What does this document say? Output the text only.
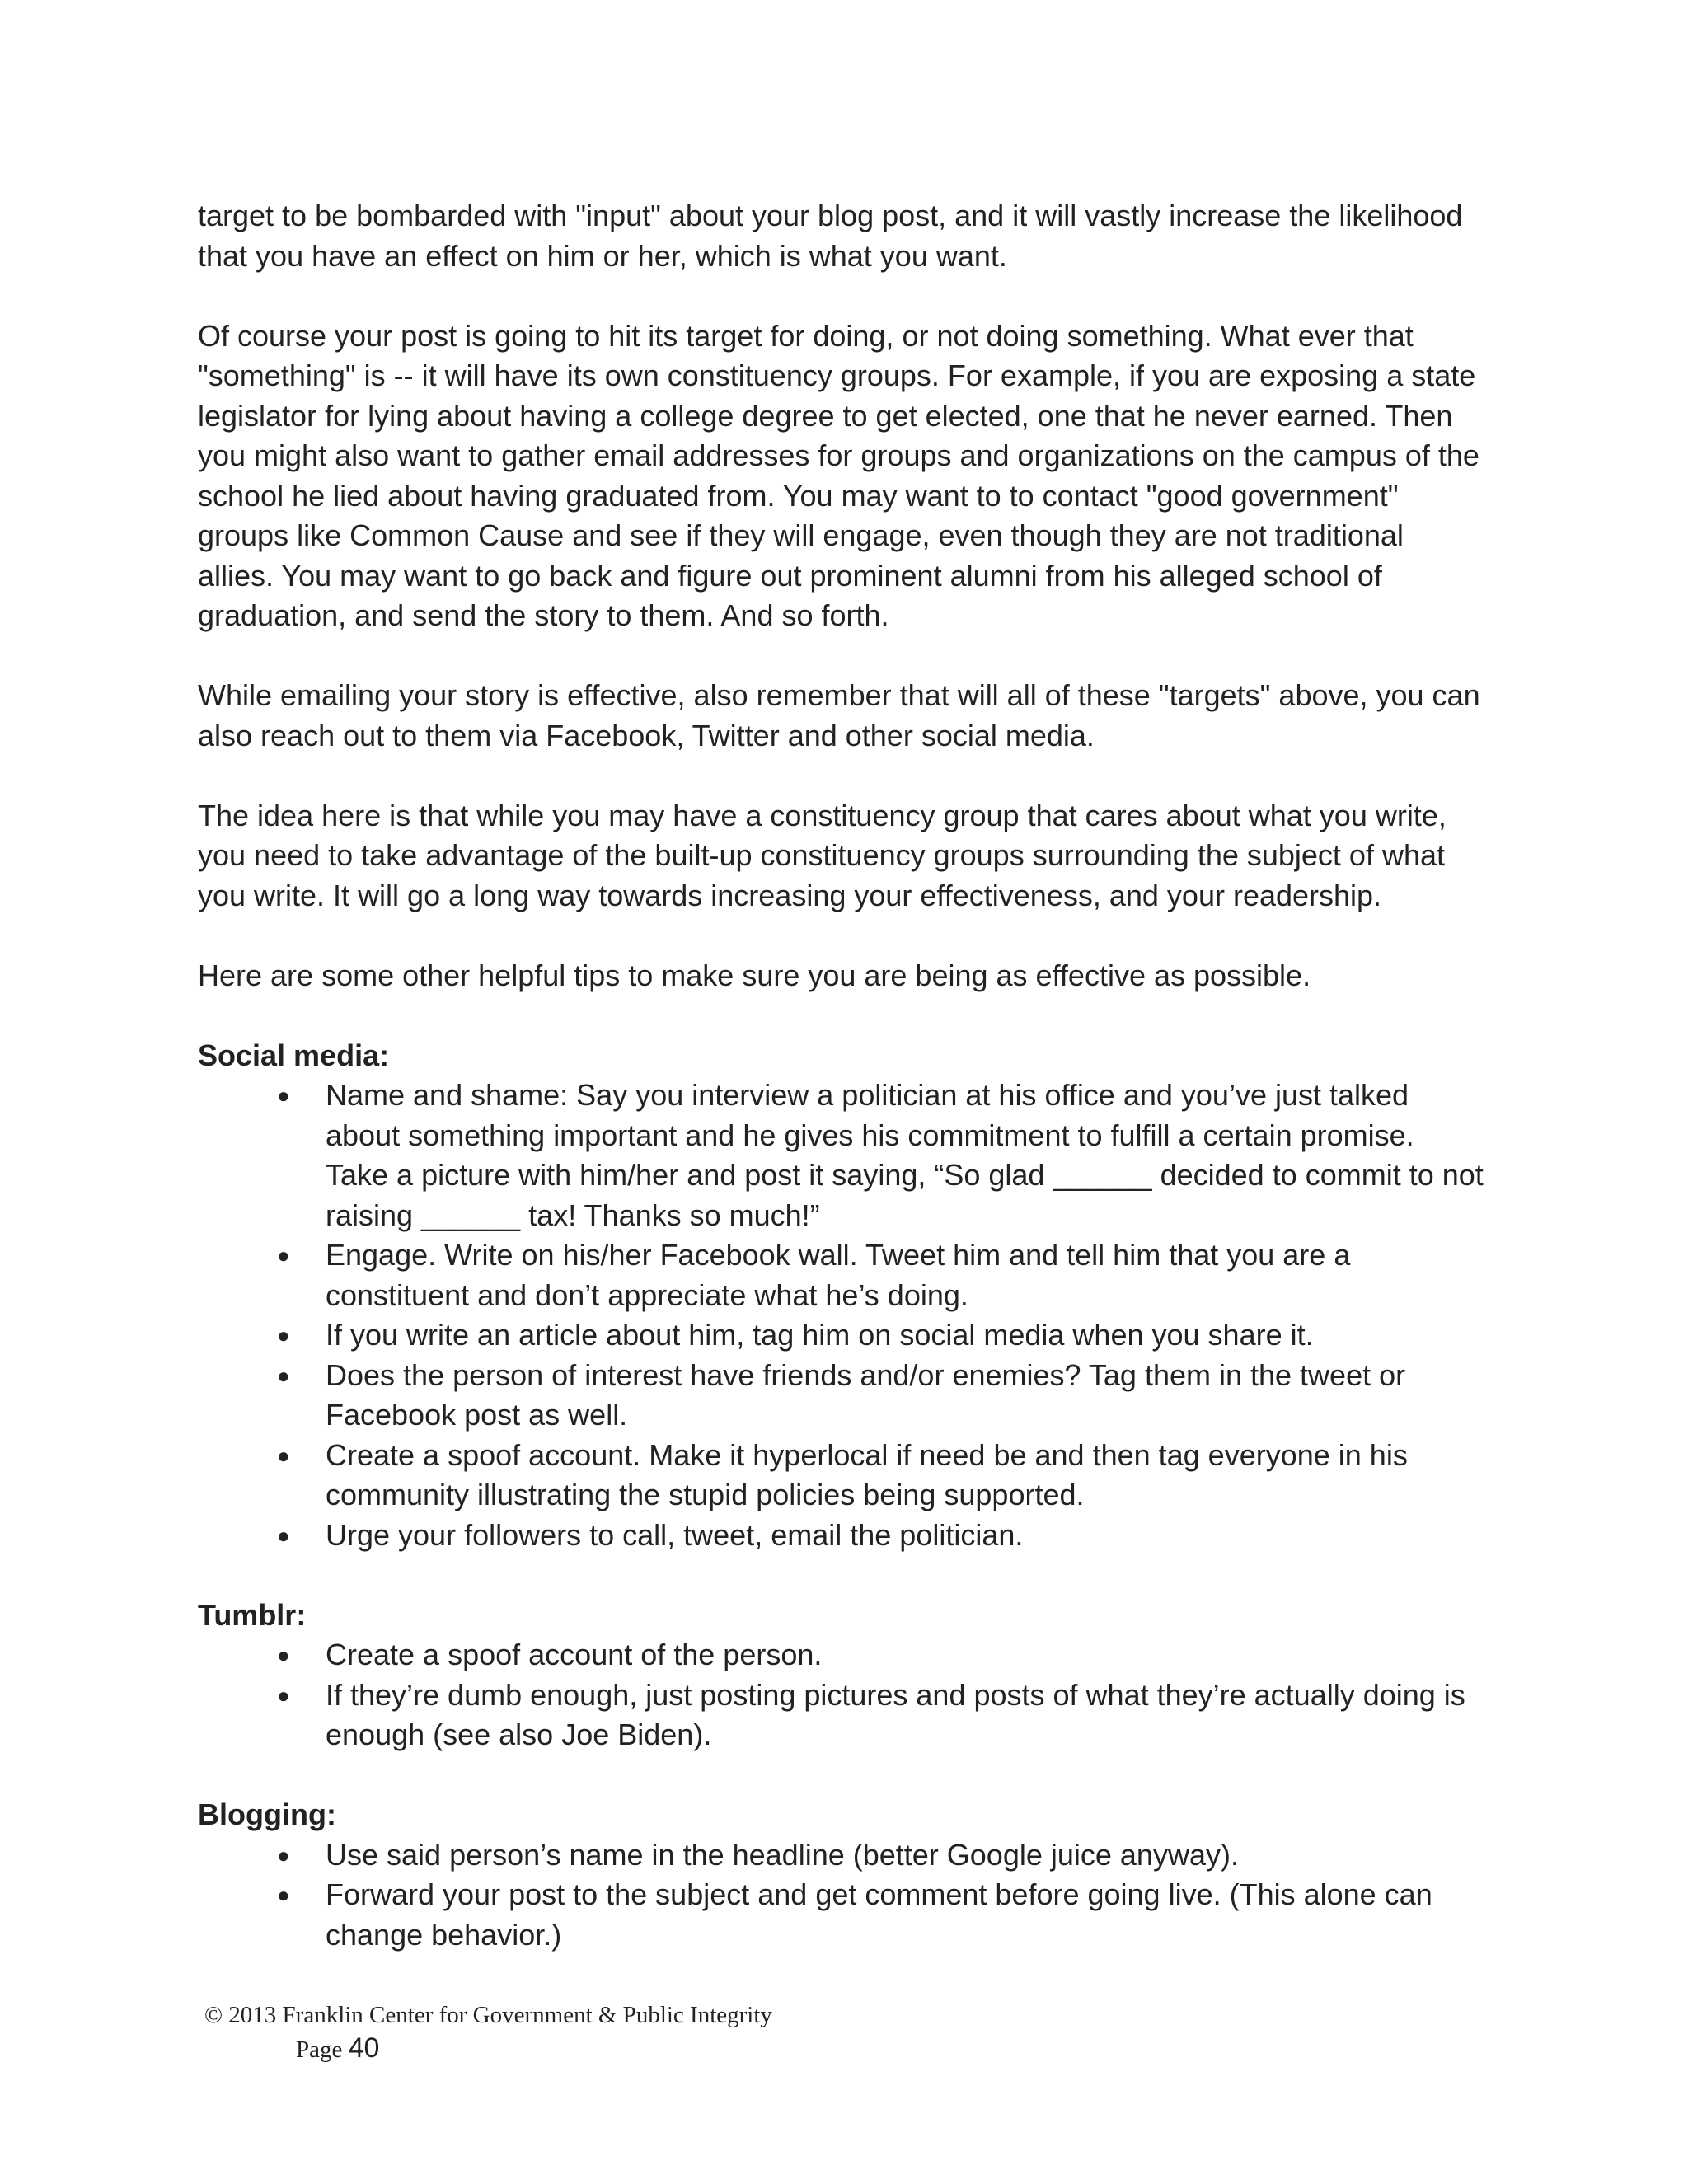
target to be bombarded with "input" about your blog post, and it will vastly increase the likelihood that you have an effect on him or her, which is what you want.

Of course your post is going to hit its target for doing, or not doing something. What ever that "something" is -- it will have its own constituency groups. For example, if you are exposing a state legislator for lying about having a college degree to get elected, one that he never earned. Then you might also want to gather email addresses for groups and organizations on the campus of the school he lied about having graduated from. You may want to to contact "good government" groups like Common Cause and see if they will engage, even though they are not traditional allies. You may want to go back and figure out prominent alumni from his alleged school of graduation, and send the story to them. And so forth.

While emailing your story is effective, also remember that will all of these "targets" above, you can also reach out to them via Facebook, Twitter and other social media.

The idea here is that while you may have a constituency group that cares about what you write, you need to take advantage of the built-up constituency groups surrounding the subject of what you write. It will go a long way towards increasing your effectiveness, and your readership.

Here are some other helpful tips to make sure you are being as effective as possible.

Social media:

● Name and shame: Say you interview a politician at his office and you’ve just talked about something important and he gives his commitment to fulfill a certain promise. Take a picture with him/her and post it saying, “So glad ______ decided to commit to not raising ______ tax! Thanks so much!”
● Engage. Write on his/her Facebook wall. Tweet him and tell him that you are a constituent and don’t appreciate what he’s doing.
● If you write an article about him, tag him on social media when you share it.
● Does the person of interest have friends and/or enemies? Tag them in the tweet or Facebook post as well.
● Create a spoof account. Make it hyperlocal if need be and then tag everyone in his community illustrating the stupid policies being supported.
● Urge your followers to call, tweet, email the politician.

Tumblr:

● Create a spoof account of the person.
● If they’re dumb enough, just posting pictures and posts of what they’re actually doing is enough (see also Joe Biden).

Blogging:

● Use said person’s name in the headline (better Google juice anyway).
● Forward your post to the subject and get comment before going live. (This alone can change behavior.)
© 2013 Franklin Center for Government & Public Integrity
Page 40
